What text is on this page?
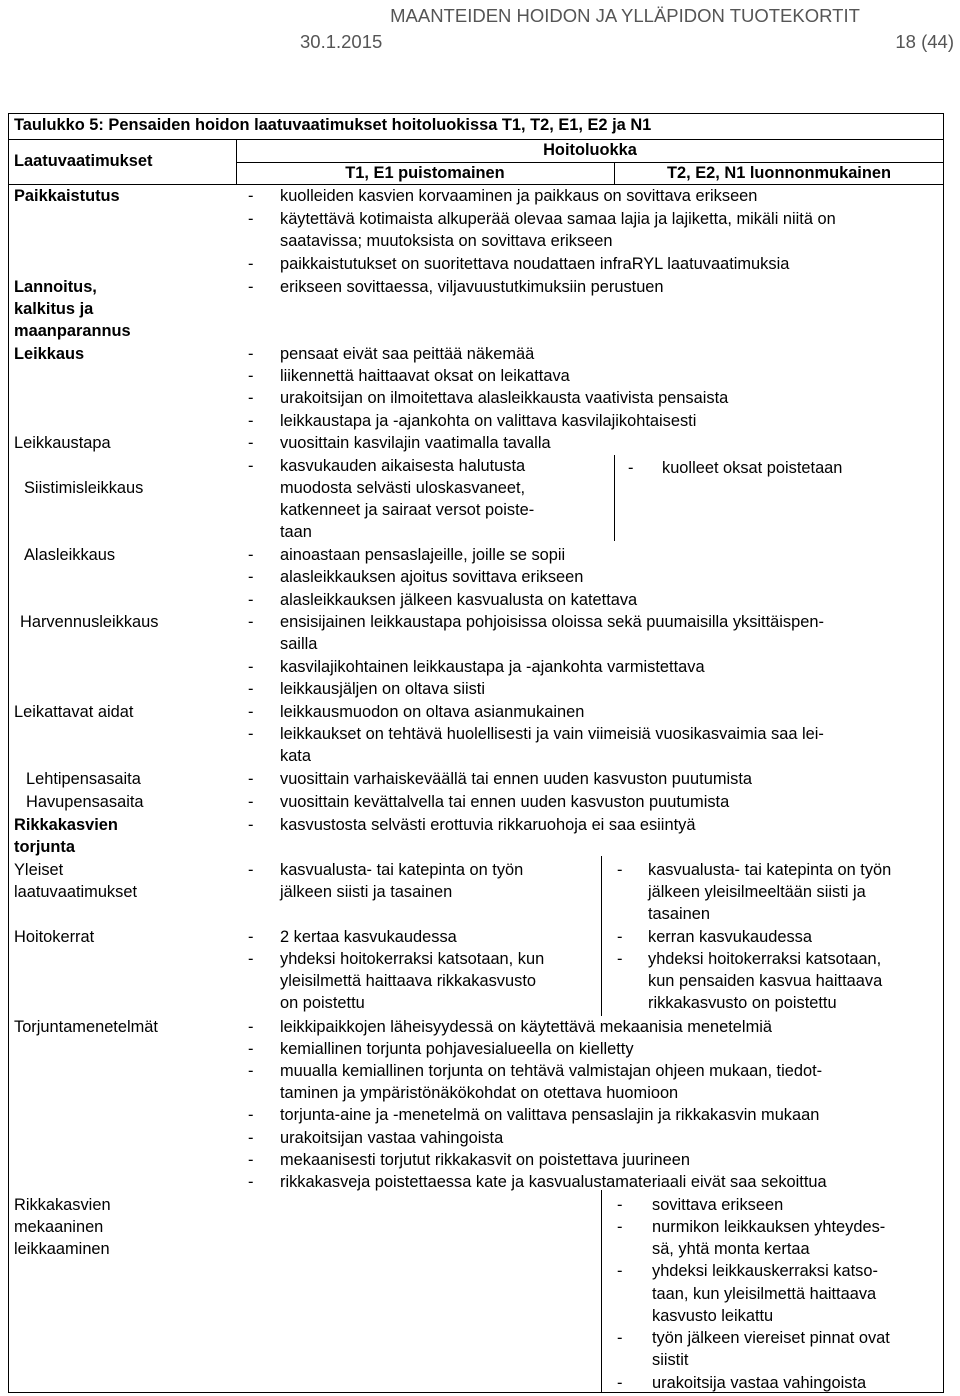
MAANTEIDEN HOIDON JA YLLÄPIDON TUOTEKORTIT
30.1.2015	18 (44)
Taulukko 5: Pensaiden hoidon laatuvaatimukset hoitoluokissa T1, T2, E1, E2 ja N1
Laatuvaatimukset
Hoitoluokka
T1, E1 puistomainen	T2, E2, N1 luonnonmukainen
Paikkaistutus
Lannoitus,
kalkitus ja
maanparannus
Leikkaus
Leikkaustapa
Siistimisleikkaus
Alasleikkaus
Harvennusleikkaus
Leikattavat aidat
Lehtipensasaita
Havupensasaita
Rikkakasvien
torjunta
Yleiset
laatuvaatimukset
Hoitokerrat
Torjuntamenetelmät
Rikkakasvien
mekaaninen
leikkaaminen
-
-
-
-
-
-
-
-
-
-
-
-
-
-
-
-
-
-
-
-
-
-
-
-
-
-
-
-
-
-
-
-
-
-
-
-
-
-
-
-
kuolleiden kasvien korvaaminen ja paikkaus on sovittava erikseen
käytettävä kotimaista alkuperää olevaa samaa lajia ja lajiketta, mikäli niitä on
saatavissa; muutoksista on sovittava erikseen
paikkaistutukset on suoritettava noudattaen infraRYL laatuvaatimuksia
erikseen sovittaessa, viljavuustutkimuksiin perustuen
pensaat eivät saa peittää näkemää
liikennettä haittaavat oksat on leikattava
urakoitsijan on ilmoitettava alasleikkausta vaativista pensaista
leikkaustapa ja -ajankohta on valittava kasvilajikohtaisesti
vuosittain kasvilajin vaatimalla tavalla
kasvukauden aikaisesta halutusta
muodosta selvästi uloskasvaneet,
katkenneet ja sairaat versot poiste-
taan
kuolleet oksat poistetaan
ainoastaan pensaslajeille, joille se sopii
alasleikkauksen ajoitus sovittava erikseen
alasleikkauksen jälkeen kasvualusta on katettava
ensisijainen leikkaustapa pohjoisissa oloissa sekä puumaisilla yksittäispen-
sailla
kasvilajikohtainen leikkaustapa ja -ajankohta varmistettava
leikkausjäljen on oltava siisti
leikkausmuodon on oltava asianmukainen
leikkaukset on tehtävä huolellisesti ja vain viimeisiä vuosikasvaimia saa lei-
kata
vuosittain varhaiskeväällä tai ennen uuden kasvuston puutumista
vuosittain kevättalvella tai ennen uuden kasvuston puutumista
kasvustosta selvästi erottuvia rikkaruohoja ei saa esiintyä
kasvualusta- tai katepinta on työn
jälkeen siisti ja tasainen
kasvualusta- tai katepinta on työn
jälkeen yleisilmeeltään siisti ja
tasainen
2 kertaa kasvukaudessa
yhdeksi hoitokerraksi katsotaan, kun
yleisilmettä haittaava rikkakasvusto
on poistettu
kerran kasvukaudessa
yhdeksi hoitokerraksi katsotaan,
kun pensaiden kasvua haittaava
rikkakasvusto on poistettu
leikkipaikkojen läheisyydessä on käytettävä mekaanisia menetelmiä
kemiallinen torjunta pohjavesialueella on kielletty
muualla kemiallinen torjunta on tehtävä valmistajan ohjeen mukaan, tiedot-
taminen ja ympäristönäkökohdat on otettava huomioon
torjunta-aine ja -menetelmä on valittava pensaslajin ja rikkakasvin mukaan
urakoitsijan vastaa vahingoista
mekaanisesti torjutut rikkakasvit on poistettava juurineen
rikkakasveja poistettaessa kate ja kasvualustamateriaali eivät saa sekoittua
sovittava erikseen
nurmikon leikkauksen yhteydes-
sä, yhtä monta kertaa
yhdeksi leikkauskerraksi katso-
taan, kun yleisilmettä haittaava
kasvusto leikattu
työn jälkeen viereiset pinnat ovat
siistit
urakoitsija vastaa vahingoista
